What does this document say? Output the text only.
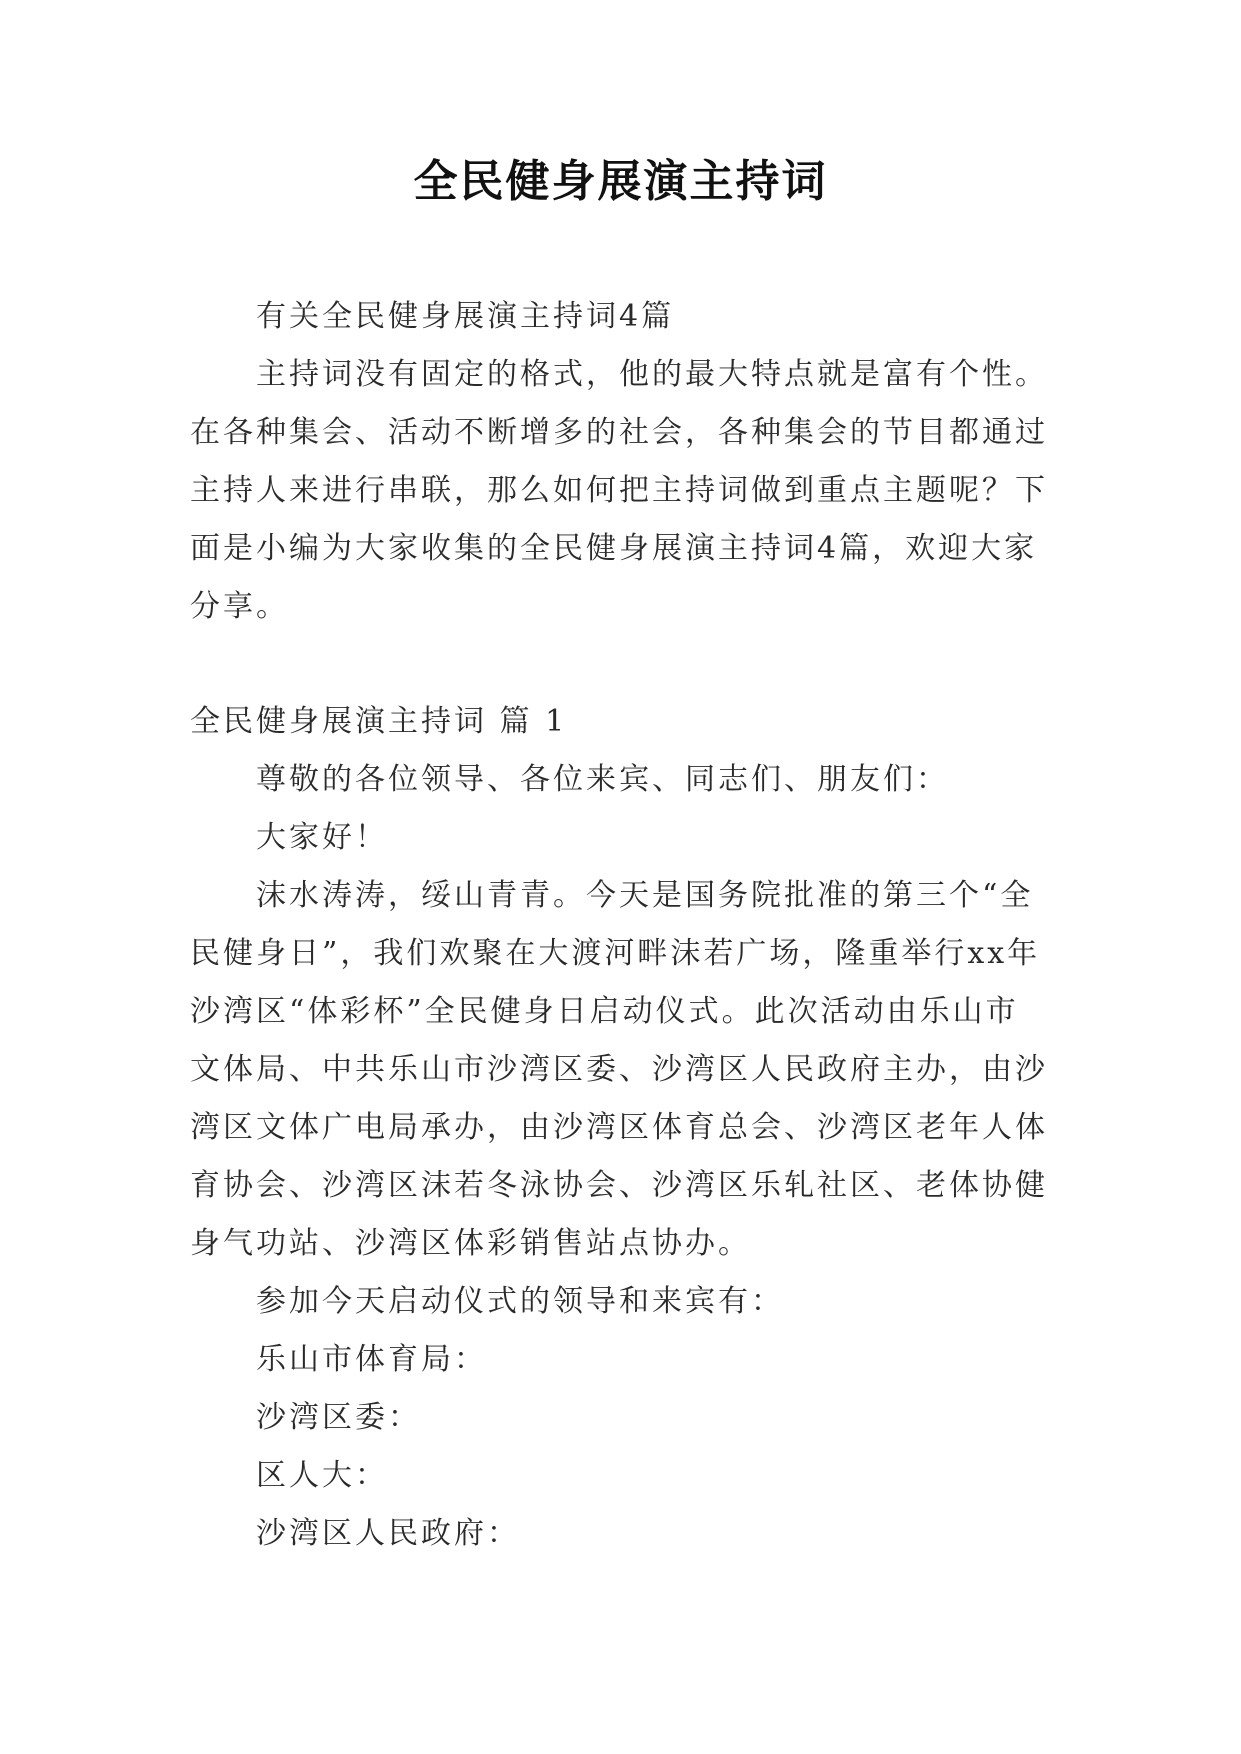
全民健身展演主持词

有关全民健身展演主持词4篇

主持词没有固定的格式，他的最大特点就是富有个性。在各种集会、活动不断增多的社会，各种集会的节目都通过主持人来进行串联，那么如何把主持词做到重点主题呢？下面是小编为大家收集的全民健身展演主持词4篇，欢迎大家分享。

全民健身展演主持词 篇 1

尊敬的各位领导、各位来宾、同志们、朋友们：

大家好！

沫水涛涛，绥山青青。今天是国务院批准的第三个“全民健身日”，我们欢聚在大渡河畔沫若广场，隆重举行xx年沙湾区“体彩杯”全民健身日启动仪式。此次活动由乐山市文体局、中共乐山市沙湾区委、沙湾区人民政府主办，由沙湾区文体广电局承办，由沙湾区体育总会、沙湾区老年人体育协会、沙湾区沫若冬泳协会、沙湾区乐轧社区、老体协健身气功站、沙湾区体彩销售站点协办。

参加今天启动仪式的领导和来宾有：

乐山市体育局：

沙湾区委：

区人大：

沙湾区人民政府：
